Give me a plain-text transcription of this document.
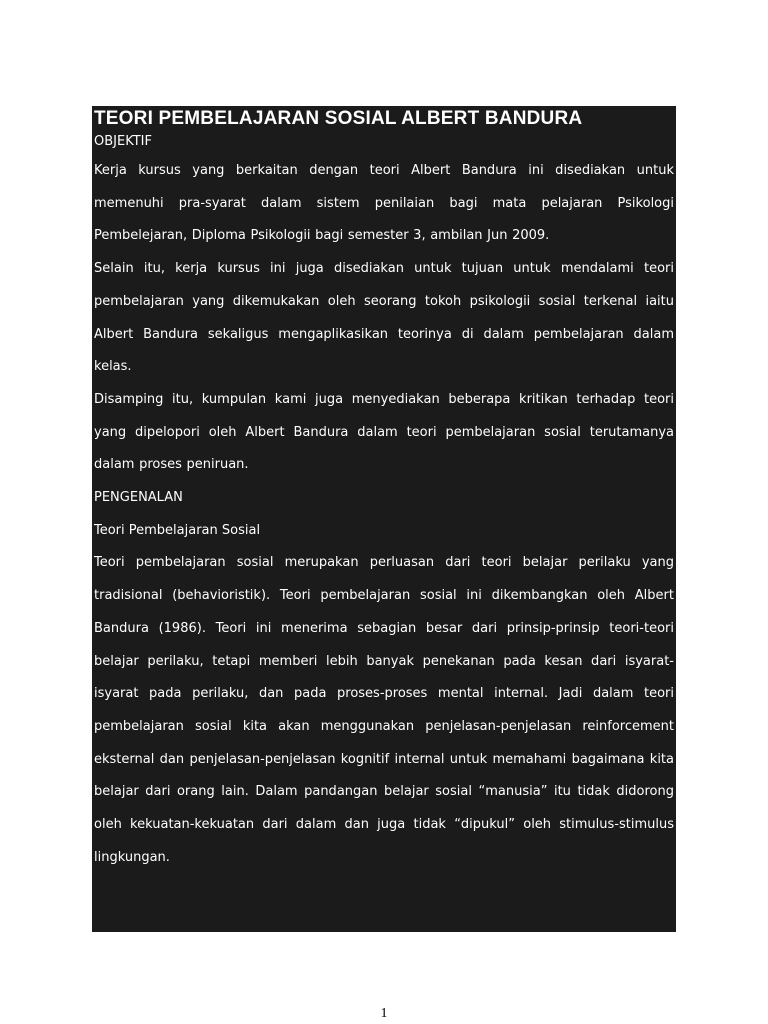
TEORI PEMBELAJARAN SOSIAL ALBERT BANDURA

OBJEKTIF

Kerja kursus yang berkaitan dengan teori Albert Bandura ini disediakan untuk memenuhi pra-syarat dalam sistem penilaian bagi mata pelajaran Psikologi Pembelejaran, Diploma Psikologii bagi semester 3, ambilan Jun 2009.

Selain itu, kerja kursus ini juga disediakan untuk tujuan untuk mendalami teori pembelajaran yang dikemukakan oleh seorang tokoh psikologii sosial terkenal iaitu Albert Bandura sekaligus mengaplikasikan teorinya di dalam pembelajaran dalam kelas.

Disamping itu, kumpulan kami juga menyediakan beberapa kritikan terhadap teori yang dipelopori oleh Albert Bandura dalam teori pembelajaran sosial terutamanya dalam proses peniruan.

PENGENALAN

Teori Pembelajaran Sosial

Teori pembelajaran sosial merupakan perluasan dari teori belajar perilaku yang tradisional (behavioristik). Teori pembelajaran sosial ini dikembangkan oleh Albert Bandura (1986). Teori ini menerima sebagian besar dari prinsip-prinsip teori-teori belajar perilaku, tetapi memberi lebih banyak penekanan pada kesan dari isyarat-isyarat pada perilaku, dan pada proses-proses mental internal. Jadi dalam teori pembelajaran sosial kita akan menggunakan penjelasan-penjelasan reinforcement eksternal dan penjelasan-penjelasan kognitif internal untuk memahami bagaimana kita belajar dari orang lain. Dalam pandangan belajar sosial “manusia” itu tidak didorong oleh kekuatan-kekuatan dari dalam dan juga tidak “dipukul” oleh stimulus-stimulus lingkungan.

1
